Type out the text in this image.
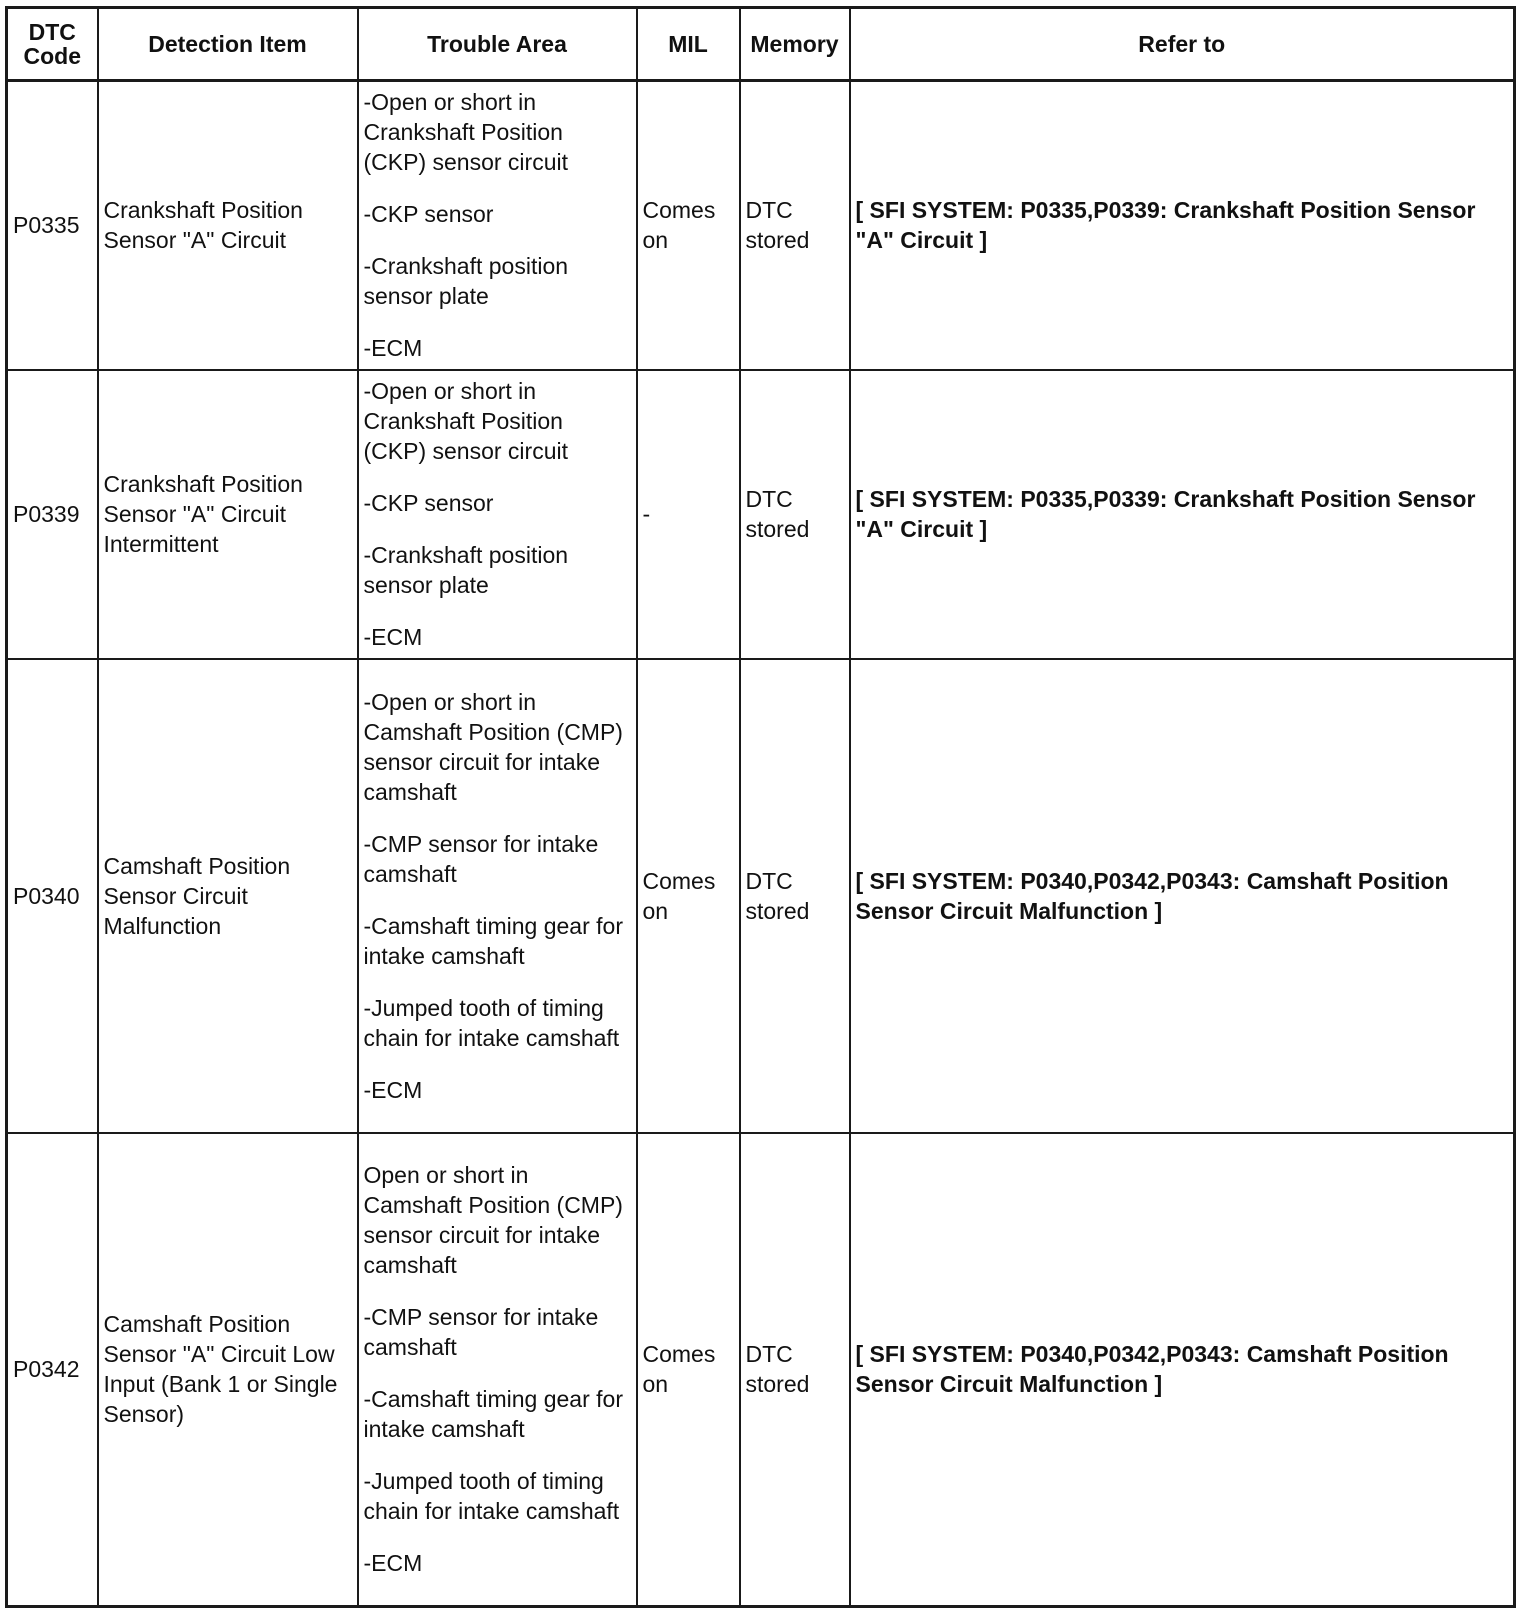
DTC Code	Detection Item	Trouble Area	MIL	Memory	Refer to
P0335	Crankshaft Position Sensor "A" Circuit	-Open or short in Crankshaft Position (CKP) sensor circuit
-CKP sensor
-Crankshaft position sensor plate
-ECM	Comes on	DTC stored	[ SFI SYSTEM: P0335,P0339: Crankshaft Position Sensor "A" Circuit ]
P0339	Crankshaft Position Sensor "A" Circuit Intermittent	-Open or short in Crankshaft Position (CKP) sensor circuit
-CKP sensor
-Crankshaft position sensor plate
-ECM	-	DTC stored	[ SFI SYSTEM: P0335,P0339: Crankshaft Position Sensor "A" Circuit ]
P0340	Camshaft Position Sensor Circuit Malfunction	-Open or short in Camshaft Position (CMP) sensor circuit for intake camshaft
-CMP sensor for intake camshaft
-Camshaft timing gear for intake camshaft
-Jumped tooth of timing chain for intake camshaft
-ECM	Comes on	DTC stored	[ SFI SYSTEM: P0340,P0342,P0343: Camshaft Position Sensor Circuit Malfunction ]
P0342	Camshaft Position Sensor "A" Circuit Low Input (Bank 1 or Single Sensor)	Open or short in Camshaft Position (CMP) sensor circuit for intake camshaft
-CMP sensor for intake camshaft
-Camshaft timing gear for intake camshaft
-Jumped tooth of timing chain for intake camshaft
-ECM	Comes on	DTC stored	[ SFI SYSTEM: P0340,P0342,P0343: Camshaft Position Sensor Circuit Malfunction ]
